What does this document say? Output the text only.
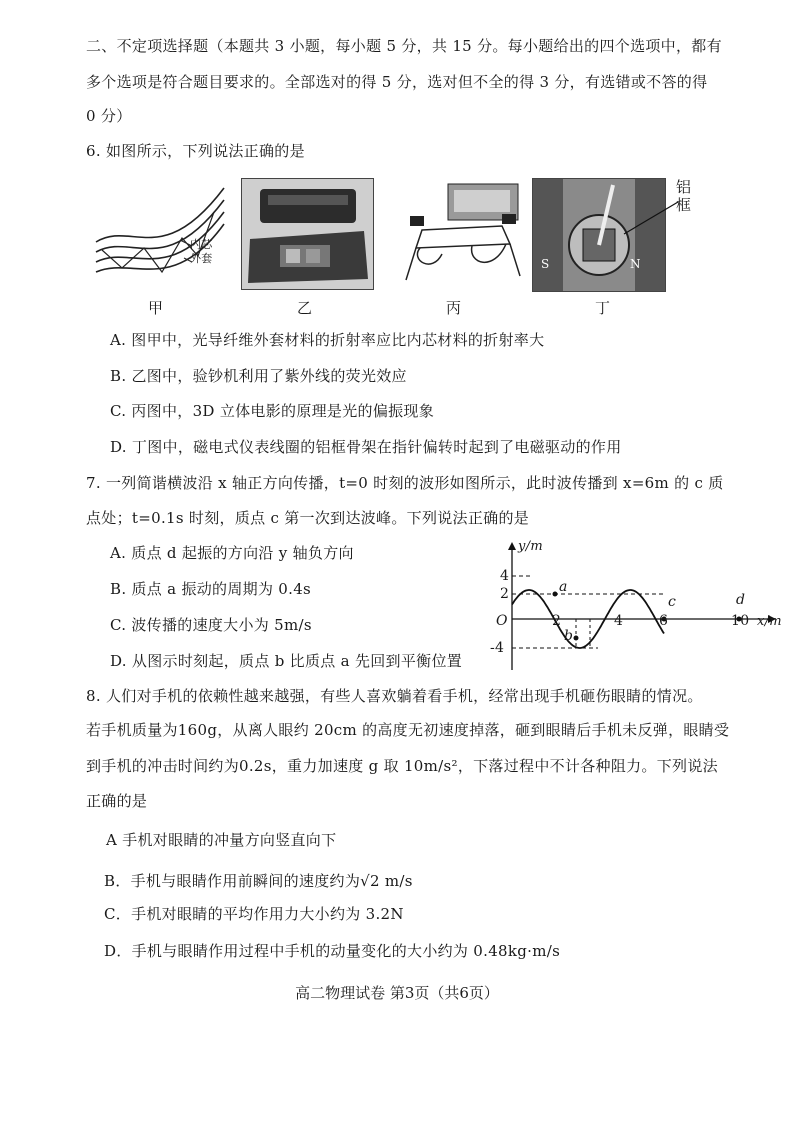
二、不定项选择题（本题共 3 小题，每小题 5 分，共 15 分。每小题给出的四个选项中，都有
多个选项是符合题目要求的。全部选对的得 5 分，选对但不全的得 3 分，有选错或不答的得
0 分）
6. 如图所示，下列说法正确的是
内芯
外套	S	N
铝
框
甲	乙	丙	丁
A. 图甲中，光导纤维外套材料的折射率应比内芯材料的折射率大
B. 乙图中，验钞机利用了紫外线的荧光效应
C. 丙图中，3D 立体电影的原理是光的偏振现象
D. 丁图中，磁电式仪表线圈的铝框骨架在指针偏转时起到了电磁驱动的作用
7. 一列简谐横波沿 x 轴正方向传播，t=0 时刻的波形如图所示，此时波传播到 x=6m 的 c 质
点处；t=0.1s 时刻，质点 c 第一次到达波峰。下列说法正确的是
A. 质点 d 起振的方向沿 y 轴负方向
B. 质点 a 振动的周期为 0.4s
C. 波传播的速度大小为 5m/s
D. 从图示时刻起，质点 b 比质点 a 先回到平衡位置
y/m
x/m
O
4
2
-4
2	4	6	10
a
b
c	d
8. 人们对手机的依赖性越来越强，有些人喜欢躺着看手机，经常出现手机砸伤眼睛的情况。
若手机质量为160g，从离人眼约 20cm 的高度无初速度掉落，砸到眼睛后手机未反弹，眼睛受
到手机的冲击时间约为0.2s，重力加速度 g 取 10m/s²，下落过程中不计各种阻力。下列说法
正确的是
A 手机对眼睛的冲量方向竖直向下
B．手机与眼睛作用前瞬间的速度约为√2 m/s
C．手机对眼睛的平均作用力大小约为 3.2N
D．手机与眼睛作用过程中手机的动量变化的大小约为 0.48kg·m/s
高二物理试卷 第3页（共6页）
